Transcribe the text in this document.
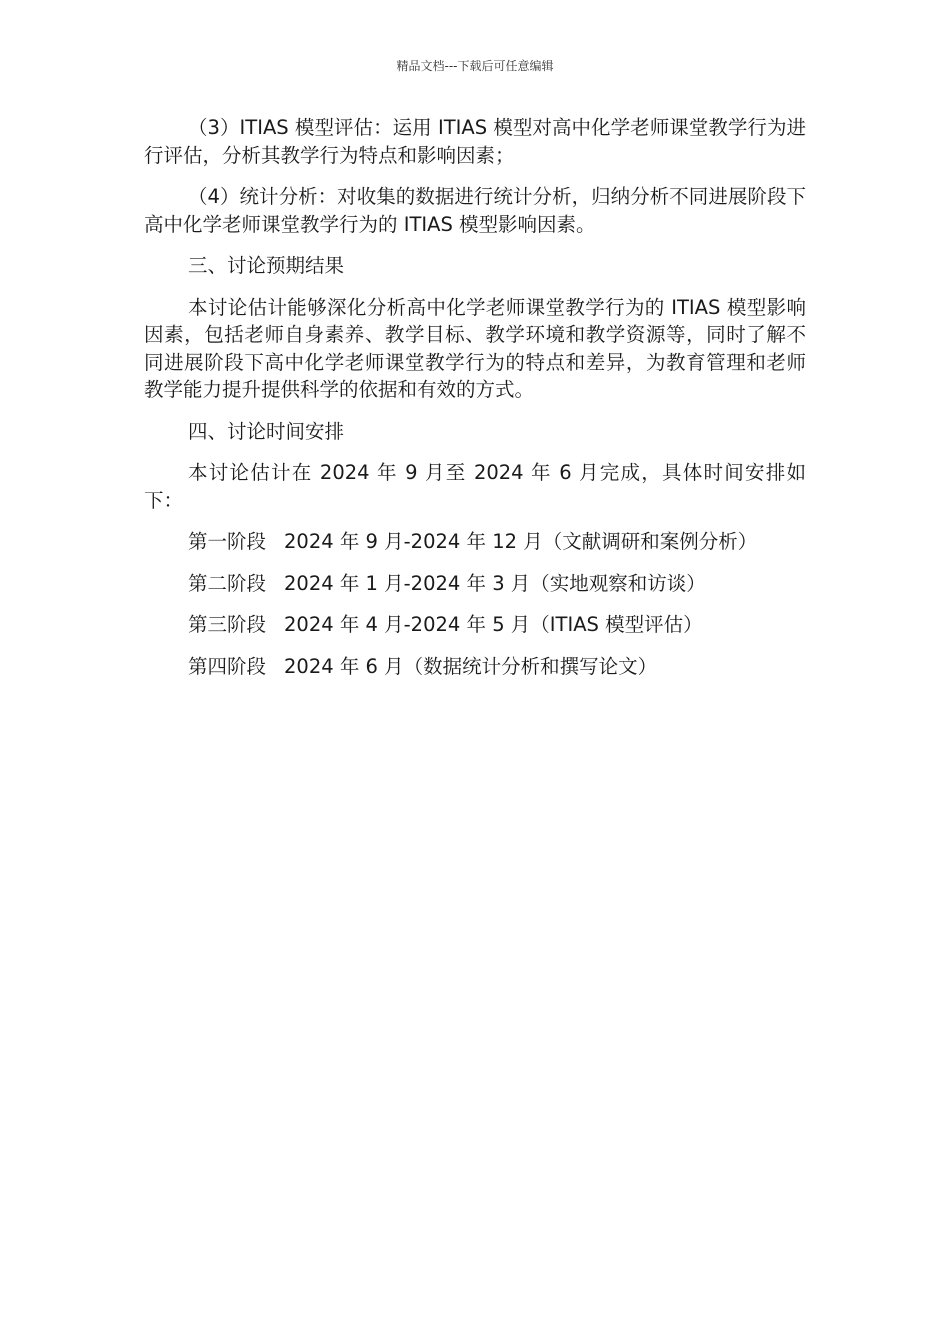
精品文档---下载后可任意编辑

（3）ITIAS 模型评估：运用 ITIAS 模型对高中化学老师课堂教学行为进行评估，分析其教学行为特点和影响因素；

（4）统计分析：对收集的数据进行统计分析，归纳分析不同进展阶段下高中化学老师课堂教学行为的 ITIAS 模型影响因素。

三、讨论预期结果

本讨论估计能够深化分析高中化学老师课堂教学行为的 ITIAS 模型影响因素，包括老师自身素养、教学目标、教学环境和教学资源等，同时了解不同进展阶段下高中化学老师课堂教学行为的特点和差异，为教育管理和老师教学能力提升提供科学的依据和有效的方式。

四、讨论时间安排

本讨论估计在 2024 年 9 月至 2024 年 6 月完成，具体时间安排如下：

第一阶段 2024 年 9 月-2024 年 12 月（文献调研和案例分析）
第二阶段 2024 年 1 月-2024 年 3 月（实地观察和访谈）
第三阶段 2024 年 4 月-2024 年 5 月（ITIAS 模型评估）
第四阶段 2024 年 6 月（数据统计分析和撰写论文）
